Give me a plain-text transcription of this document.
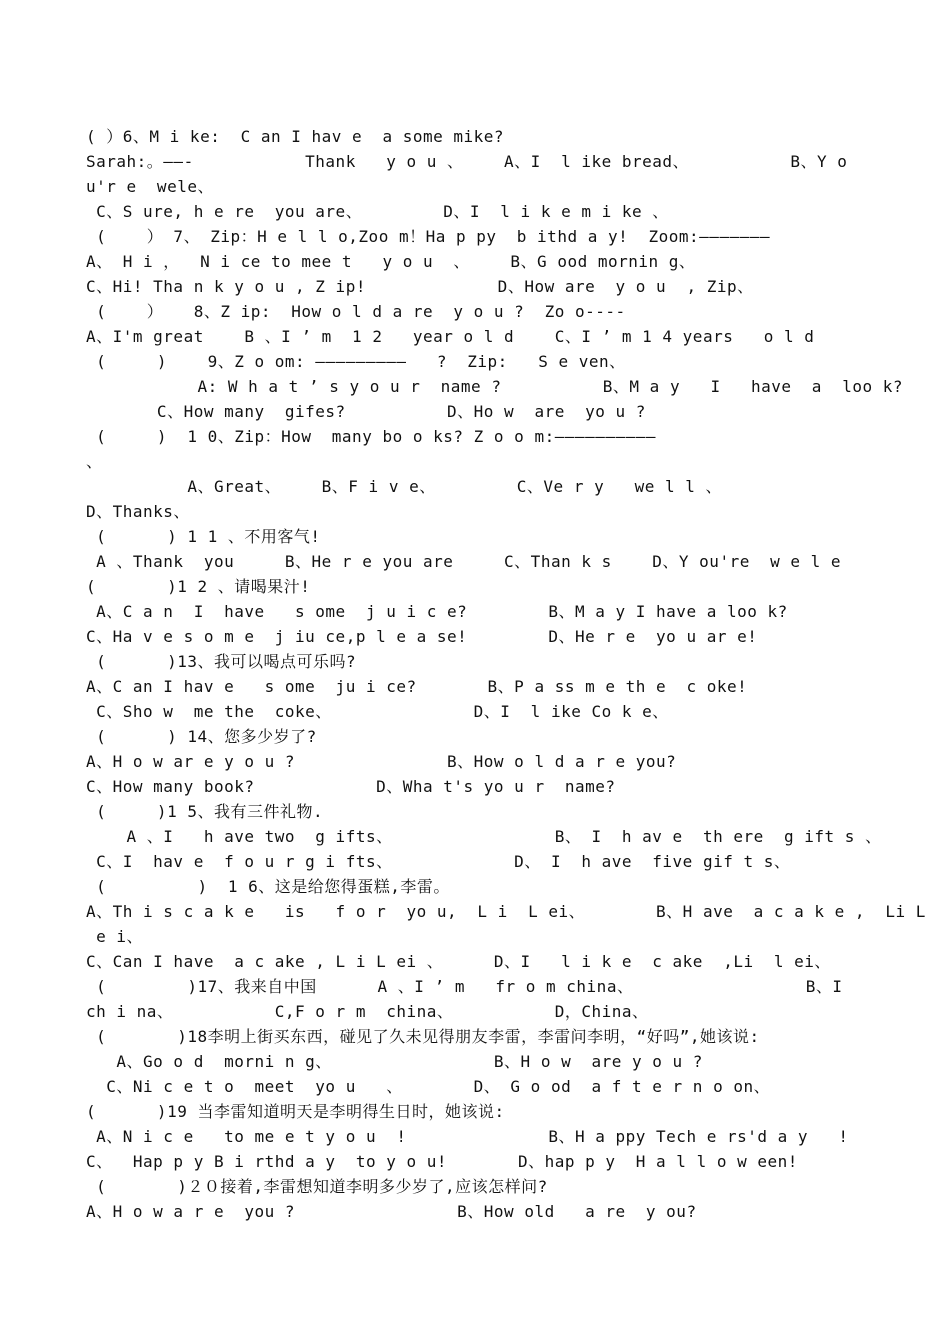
( ）6、M i ke:  C an I hav e  a some mike?
Sarah:。——-           Thank   y o u 、    A、I  l ike bread、          B、Y o
u'r e  wele、
C、S ure, h e re  you are、        D、I  l i k e m i ke 、
(    ） 7、 Zip：H e l l o,Zoo m！Ha p py  b ithd a y!  Zoom:———————
A、 H i ，  N i ce to mee t   y o u  、    B、G ood mornin g、
C、Hi! Tha n k y o u , Z ip!             D、How are  y o u  , Zip、
(    ）   8、Z ip:  How o l d a re  y o u ?  Zo o----
A、I'm great    B 、I ’ m  1 2   year o l d    C、I ’ m 1 4 years   o l d
(     )    9、Z o om: —————————   ?  Zip:   S e ven、
A: W h a t ’ s y o u r  name ?          B、M a y   I   have  a  loo k?
C、How many  gifes?          D、Ho w  are  yo u ?
(     )  1 0、Zip：How  many bo o ks? Z o o m:——————————
、
A、Great、    B、F i v e、        C、Ve r y   we l l 、
D、Thanks、
(      ) 1 1 、不用客气!
A 、Thank  you     B、He r e you are     C、Than k s    D、Y ou're  w e l e
(       )1 2 、请喝果汁!
A、C a n  I  have   s ome  j u i c e?        B、M a y I have a loo k?
C、Ha v e s o m e  j iu ce,p l e a se!        D、He r e  yo u ar e!
(      )13、我可以喝点可乐吗?
A、C an I hav e   s ome  ju i ce?       B、P a ss m e th e  c oke!
C、Sho w  me the  coke、              D、I  l ike Co k e、
(      ) 14、您多少岁了?
A、H o w ar e y o u ?               B、How o l d a r e you?
C、How many book?            D、Wha t's yo u r  name?
(     )1 5、我有三件礼物.
A 、I   h ave two  g ifts、                B、 I  h av e  th ere  g ift s 、
C、I  hav e  f o u r g i fts、            D、 I  h ave  five gif t s、
(         )  1 6、这是给您得蛋糕,李雷。
A、Th i s c a k e   is   f o r  yo u,  L i  L ei、       B、H ave  a c a k e ,  Li L
e i、
C、Can I have  a c ake , L i L ei 、     D、I   l i k e  c ake  ,Li  l ei、
(        )17、我来自中国      A 、I ’ m   fr o m china、                 B、I
ch i na、          C,F o r m  china、          D，China、
(       )18李明上街买东西，碰见了久未见得朋友李雷，李雷问李明，“好吗”,她该说:
A、Go o d  morni n g、                B、H o w  are y o u ?
C、Ni c e t o  meet  yo u   、       D、 G o od  a f t e r n o on、
(      )19 当李雷知道明天是李明得生日时，她该说:
A、N i c e   to me e t y o u  !              B、H a ppy Tech e rs'd a y   !
C、  Hap p y B i rthd a y  to y o u!       D、hap p y  H a l l o w een!
(       )２０接着,李雷想知道李明多少岁了,应该怎样问?
A、H o w a r e  you ?                B、How old   a re  y ou?
